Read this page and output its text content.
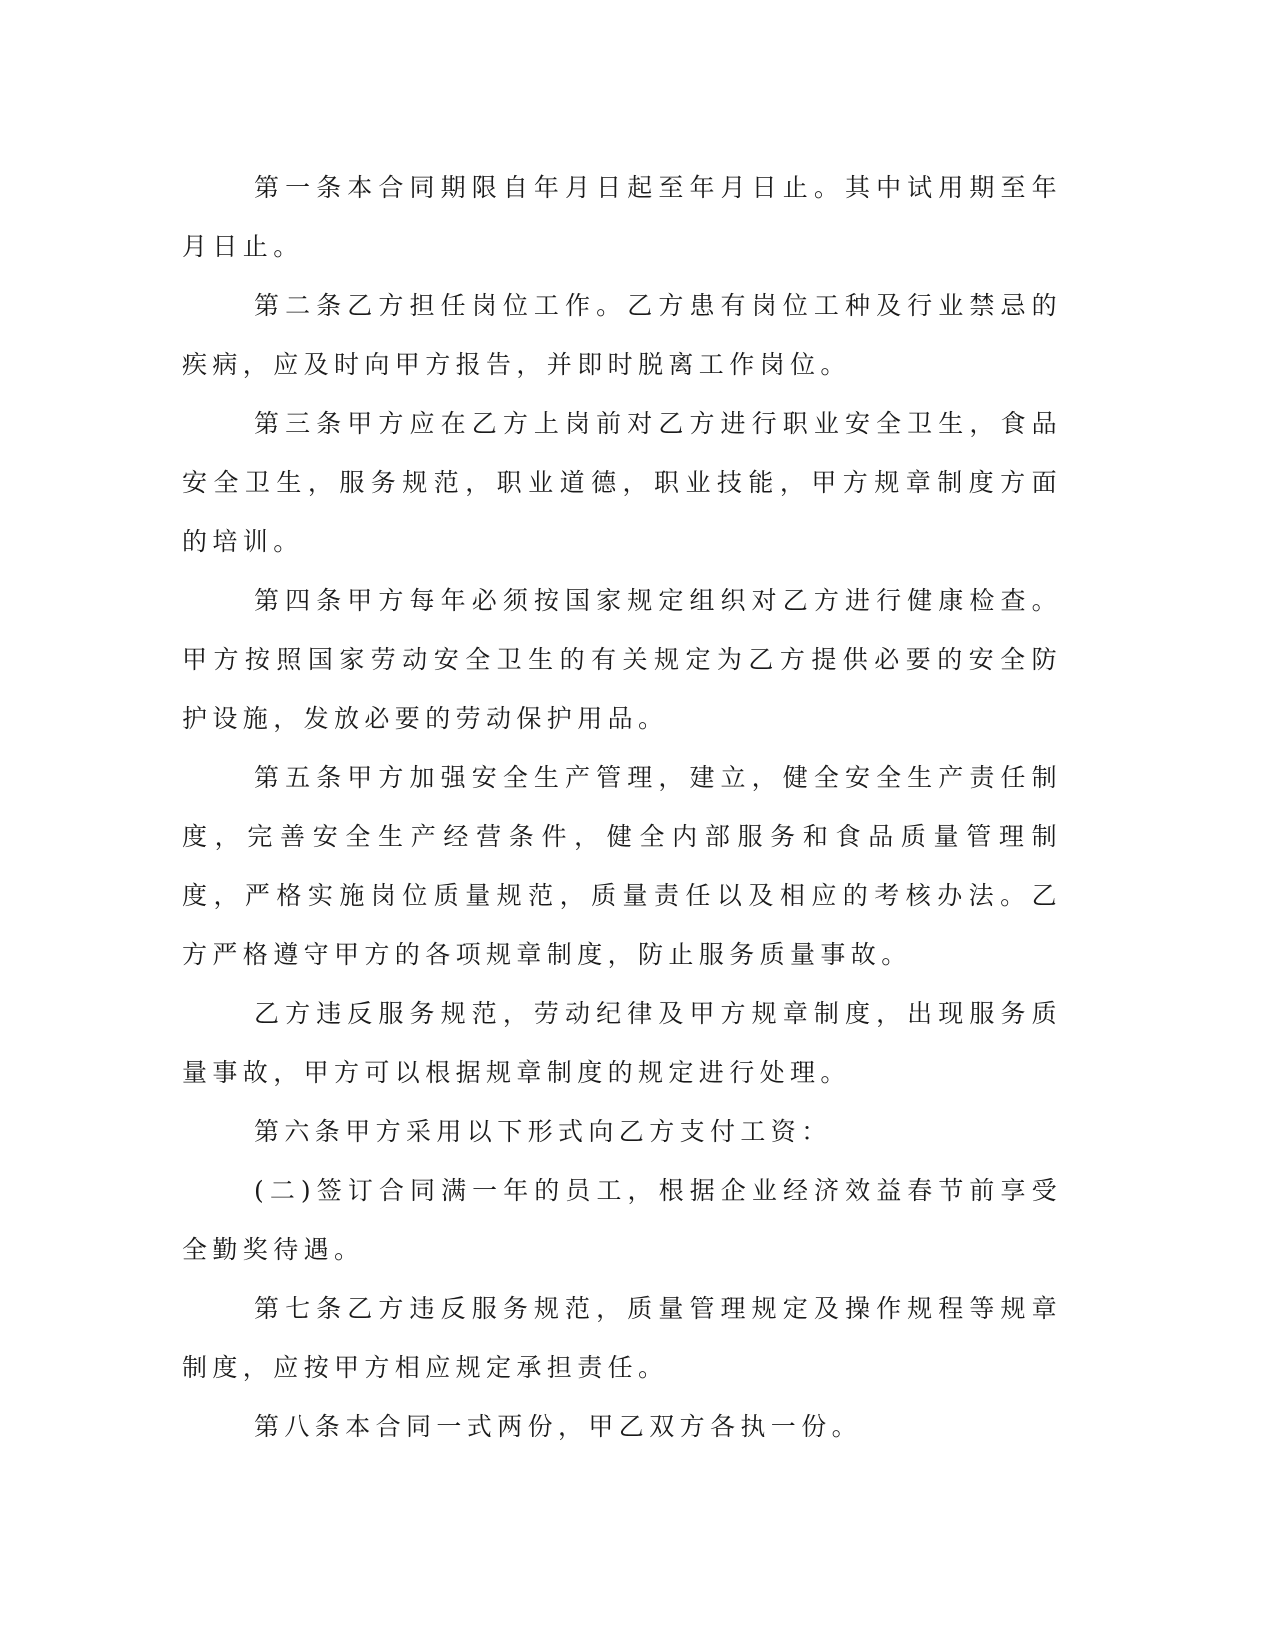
第一条本合同期限自年月日起至年月日止。其中试用期至年月日止。

第二条乙方担任岗位工作。乙方患有岗位工种及行业禁忌的疾病，应及时向甲方报告，并即时脱离工作岗位。

第三条甲方应在乙方上岗前对乙方进行职业安全卫生，食品安全卫生，服务规范，职业道德，职业技能，甲方规章制度方面的培训。

第四条甲方每年必须按国家规定组织对乙方进行健康检查。甲方按照国家劳动安全卫生的有关规定为乙方提供必要的安全防护设施，发放必要的劳动保护用品。

第五条甲方加强安全生产管理，建立，健全安全生产责任制度，完善安全生产经营条件，健全内部服务和食品质量管理制度，严格实施岗位质量规范，质量责任以及相应的考核办法。乙方严格遵守甲方的各项规章制度，防止服务质量事故。

乙方违反服务规范，劳动纪律及甲方规章制度，出现服务质量事故，甲方可以根据规章制度的规定进行处理。

第六条甲方采用以下形式向乙方支付工资：

(二)签订合同满一年的员工，根据企业经济效益春节前享受全勤奖待遇。

第七条乙方违反服务规范，质量管理规定及操作规程等规章制度，应按甲方相应规定承担责任。

第八条本合同一式两份，甲乙双方各执一份。
